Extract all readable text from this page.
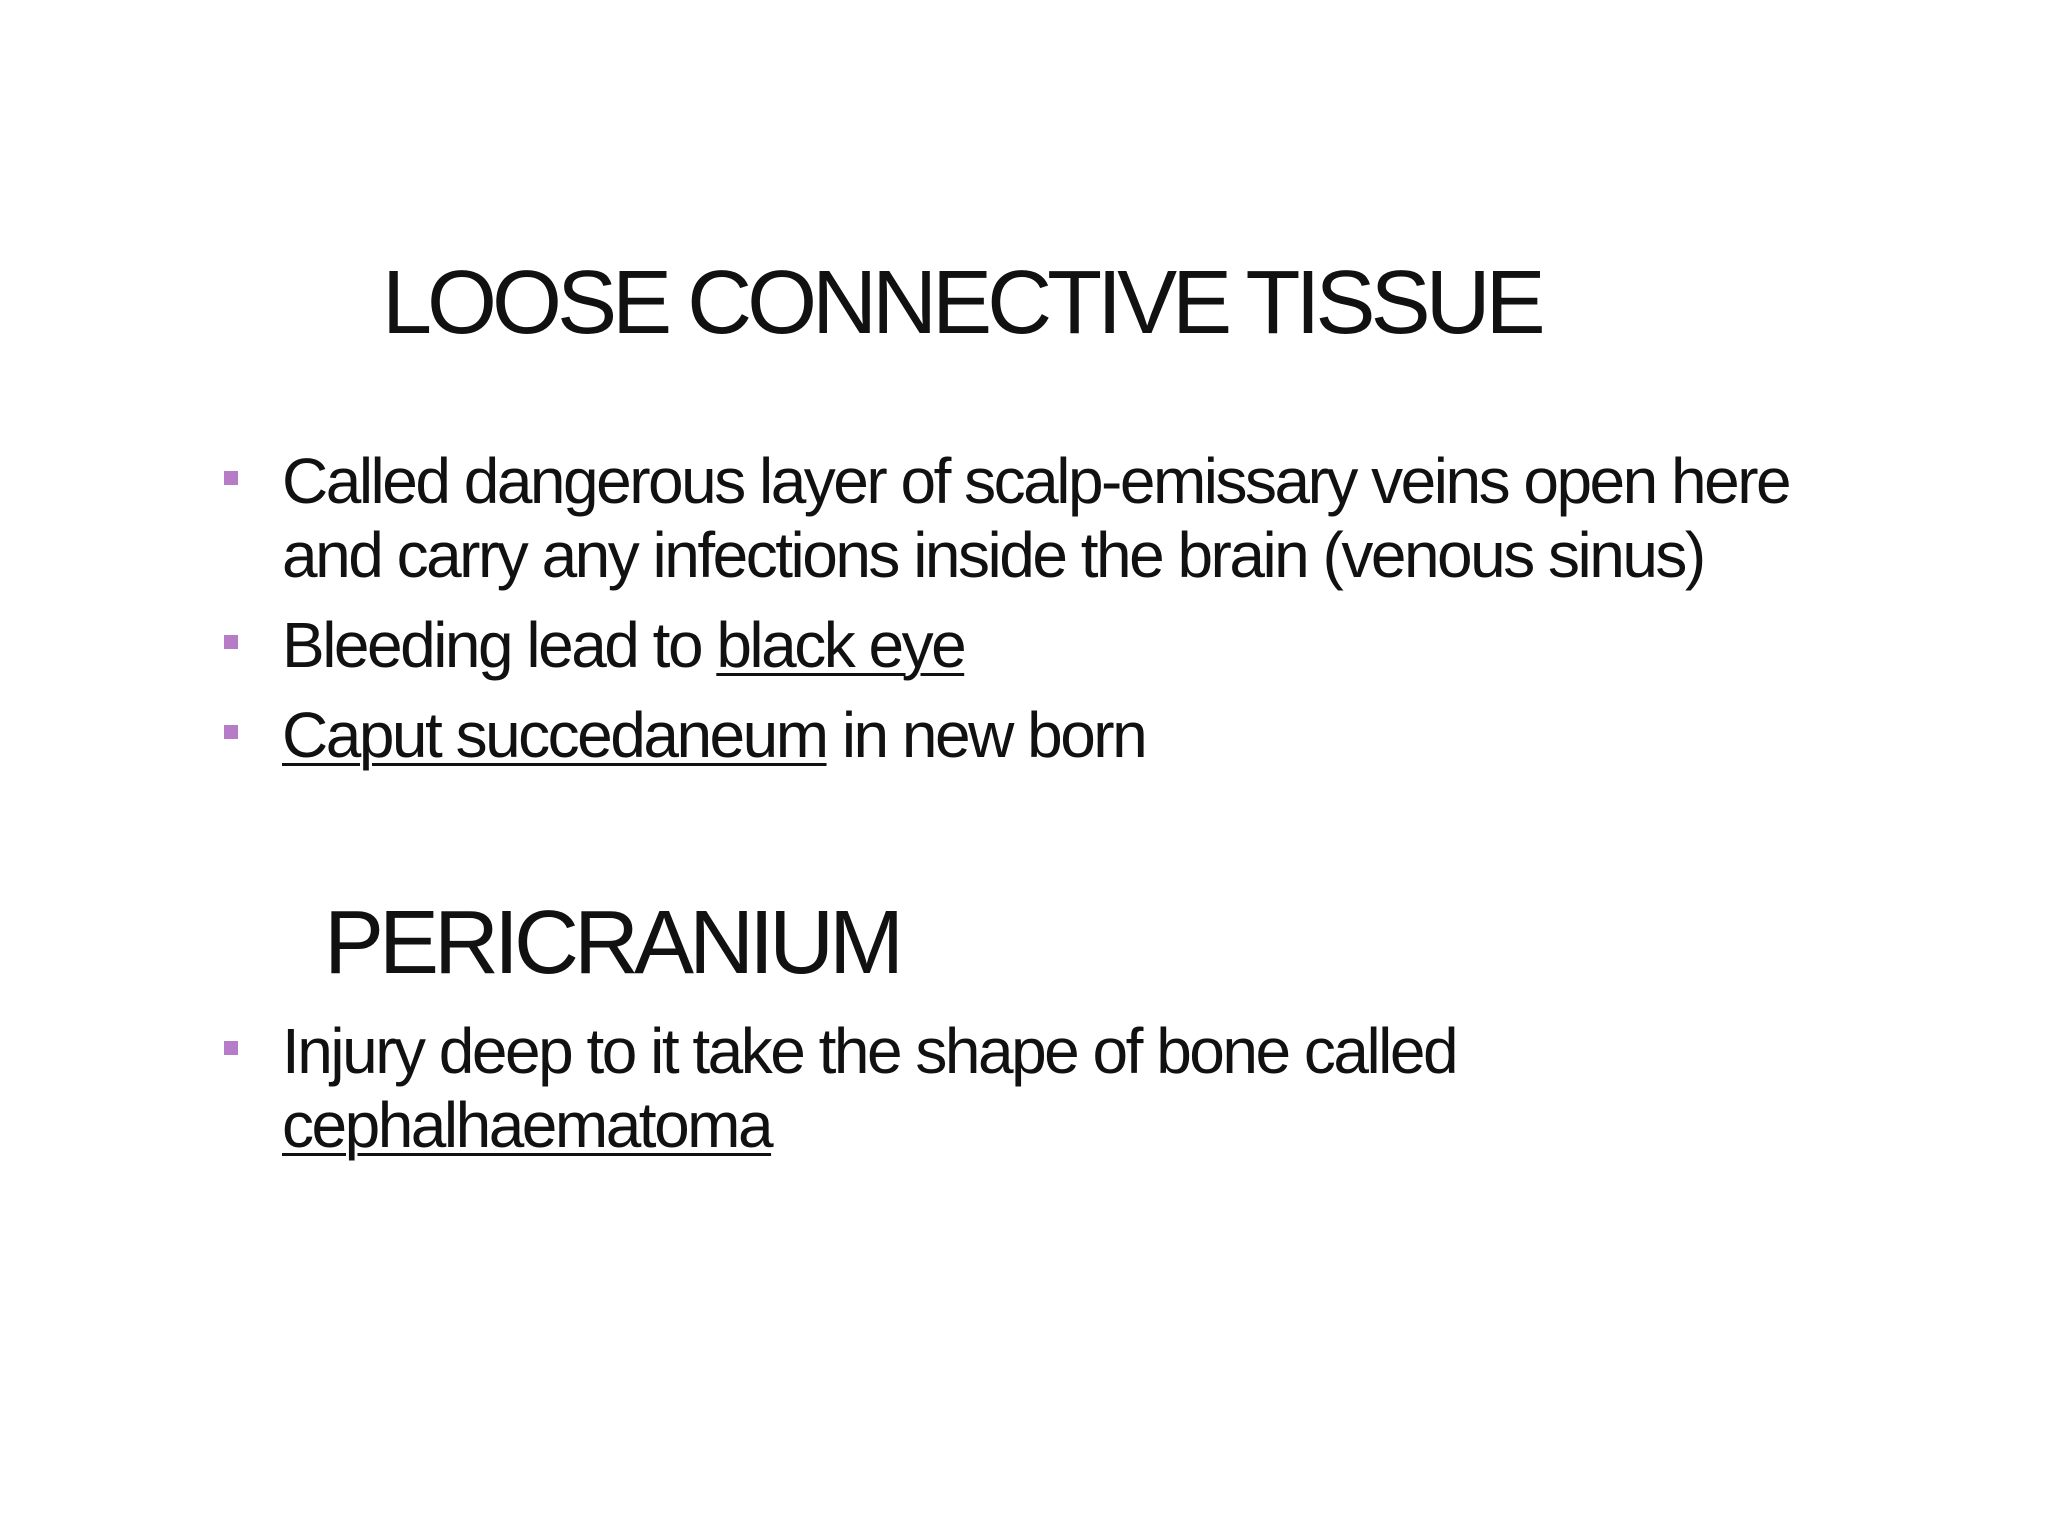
LOOSE CONNECTIVE TISSUE
Called dangerous layer of scalp-emissary veins open here
and carry any infections inside the brain (venous sinus)
Bleeding lead to black eye
Caput succedaneum in new born
PERICRANIUM
Injury deep to it take the shape of bone called
cephalhaematoma
